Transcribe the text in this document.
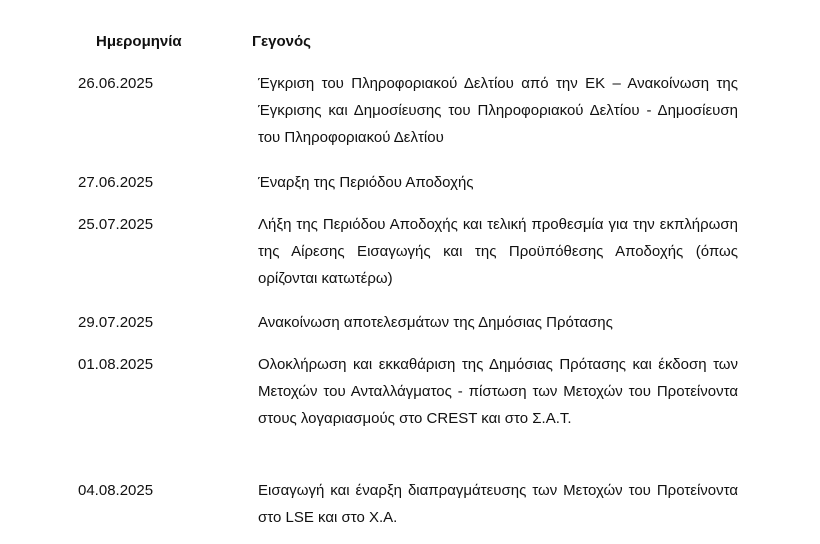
Ημερομηνία	Γεγονός
26.06.2025	Έγκριση του Πληροφοριακού Δελτίου από την ΕΚ – Ανακοίνωση της Έγκρισης και Δημοσίευσης του Πληροφοριακού Δελτίου - Δημοσίευση του Πληροφοριακού Δελτίου
27.06.2025	Έναρξη της Περιόδου Αποδοχής
25.07.2025	Λήξη της Περιόδου Αποδοχής και τελική προθεσμία για την εκπλήρωση της Αίρεσης Εισαγωγής και της Προϋπόθεσης Αποδοχής (όπως ορίζονται κατωτέρω)
29.07.2025	Ανακοίνωση αποτελεσμάτων της Δημόσιας Πρότασης
01.08.2025	Ολοκλήρωση και εκκαθάριση της Δημόσιας Πρότασης και έκδοση των Μετοχών του Ανταλλάγματος - πίστωση των Μετοχών του Προτείνοντα στους λογαριασμούς στο CREST και στο Σ.Α.Τ.
04.08.2025	Εισαγωγή και έναρξη διαπραγμάτευσης των Μετοχών του Προτείνοντα στο LSE και στο Χ.Α.
